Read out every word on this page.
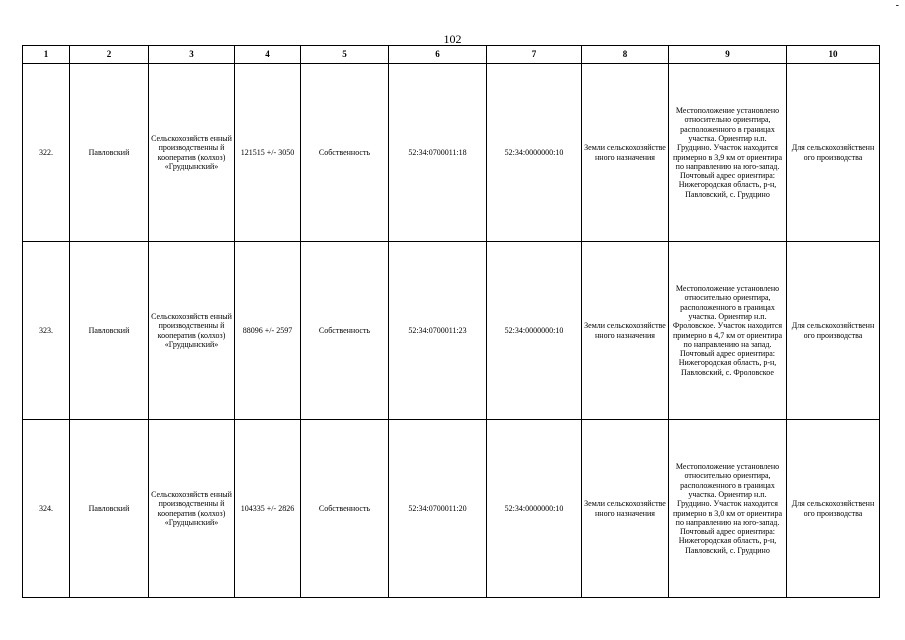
-
102
1	2	3	4	5	6	7	8	9	10
322.	Павловский	Сельскохозяйств енный производственны й кооператив (колхоз) «Грудцынский»	121515 +/- 3050	Собственность	52:34:0700011:18	52:34:0000000:10	Земли сельскохозяйстве нного назначения	Местоположение установлено относительно ориентира, расположенного в границах участка. Ориентир н.п. Грудцино. Участок находится примерно в 3,9 км от ориентира по направлению на юго-запад. Почтовый адрес ориентира: Нижегородская область, р-н, Павловский, с. Грудцино	Для сельскохозяйственн ого производства
323.	Павловский	Сельскохозяйств енный производственны й кооператив (колхоз) «Грудцынский»	88096 +/- 2597	Собственность	52:34:0700011:23	52:34:0000000:10	Земли сельскохозяйстве нного назначения	Местоположение установлено относительно ориентира, расположенного в границах участка. Ориентир н.п. Фроловское. Участок находится примерно в 4,7 км от ориентира по направлению на запад. Почтовый адрес ориентира: Нижегородская область, р-н, Павловский, с. Фроловское	Для сельскохозяйственн ого производства
324.	Павловский	Сельскохозяйств енный производственны й кооператив (колхоз) «Грудцынский»	104335 +/- 2826	Собственность	52:34:0700011:20	52:34:0000000:10	Земли сельскохозяйстве нного назначения	Местоположение установлено относительно ориентира, расположенного в границах участка. Ориентир н.п. Грудцино. Участок находится примерно в 3,0 км от ориентира по направлению на юго-запад. Почтовый адрес ориентира: Нижегородская область, р-н, Павловский, с. Грудцино	Для сельскохозяйственн ого производства
